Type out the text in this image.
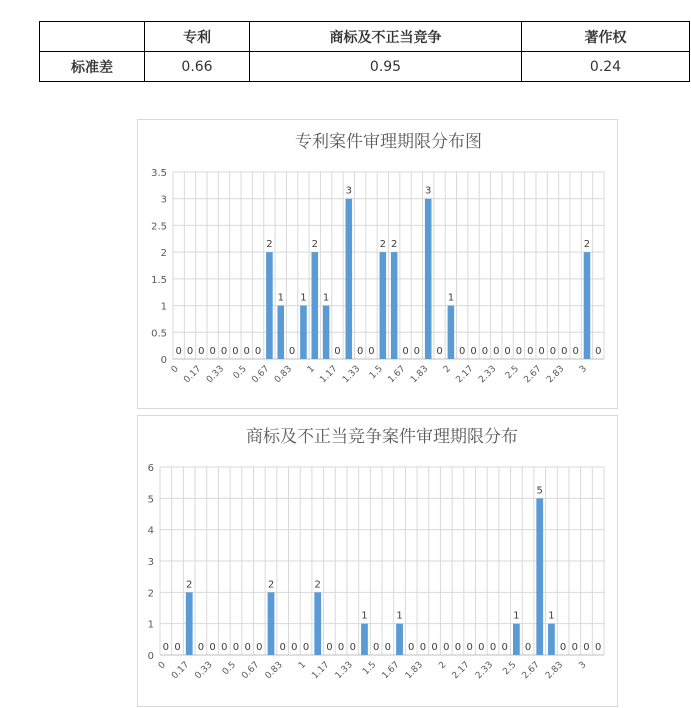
	专利	商标及不正当竞争	著作权
标准差	0.66	0.95	0.24
专利案件审理期限分布图
0
0.5
1
1.5
2
2.5
3
3.5
0 0 0 0 0 0 0 0
2
1
0
1
2
1
0
3
0 0
2 2
0 0
3
0
1
0 0 0 0 0 0 0 0 0 0 0
2
0
0 0.17 0.33 0.5 0.67 0.83 1 1.17 1.33 1.5 1.67 1.83 2 2.17 2.33 2.5 2.67 2.83 3
商标及不正当竞争案件审理期限分布
0
1
2
3
4
5
6
0 0
2
0 0 0 0 0 0
2
0 0 0
2
0 0 0
1
0 0
1
0 0 0 0 0 0 0 0 0
1
0
5
1
0 0 0 0
0 0.17 0.33 0.5 0.67 0.83 1 1.17 1.33 1.5 1.67 1.83 2 2.17 2.33 2.5 2.67 2.83 3
